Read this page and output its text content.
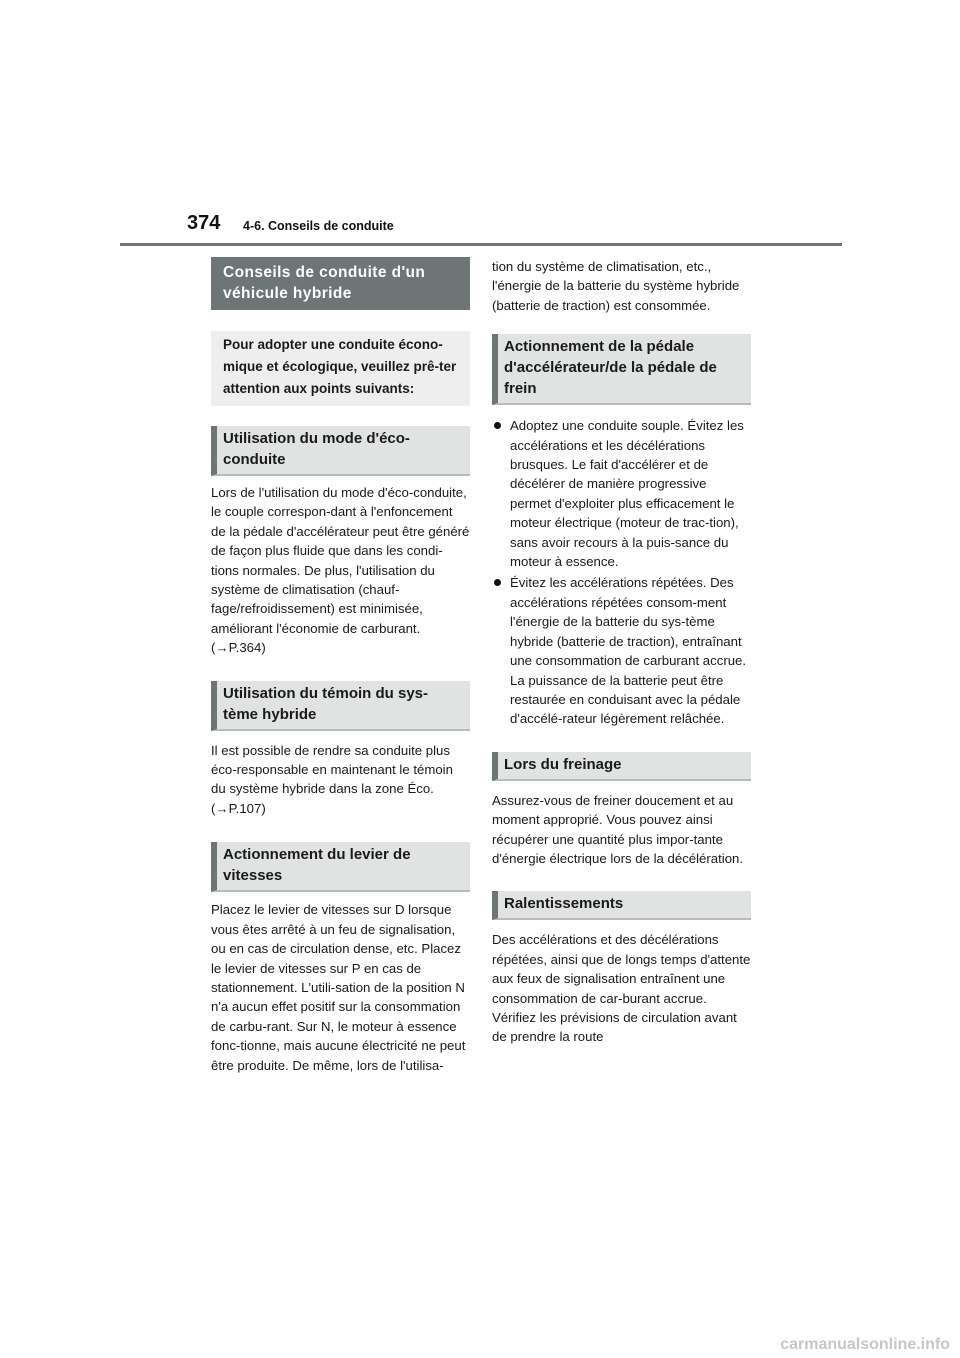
374 4-6. Conseils de conduite
Conseils de conduite d'un véhicule hybride
Pour adopter une conduite écono-mique et écologique, veuillez prê-ter attention aux points suivants:
Utilisation du mode d'éco-conduite

Lors de l'utilisation du mode d'éco-conduite, le couple correspon-dant à l'enfoncement de la pédale d'accélérateur peut être généré de façon plus fluide que dans les condi-tions normales. De plus, l'utilisation du système de climatisation (chauf-fage/refroidissement) est minimisée, améliorant l'économie de carburant. (→P.364)

Utilisation du témoin du sys-tème hybride

Il est possible de rendre sa conduite plus éco-responsable en maintenant le témoin du système hybride dans la zone Éco. (→P.107)

Actionnement du levier de vitesses

Placez le levier de vitesses sur D lorsque vous êtes arrêté à un feu de signalisation, ou en cas de circulation dense, etc. Placez le levier de vitesses sur P en cas de stationnement. L'utili-sation de la position N n'a aucun effet positif sur la consommation de carbu-rant. Sur N, le moteur à essence fonc-tionne, mais aucune électricité ne peut être produite. De même, lors de l'utilisa-

tion du système de climatisation, etc., l'énergie de la batterie du système hybride (batterie de traction) est consommée.

Actionnement de la pédale d'accélérateur/de la pédale de frein
Adoptez une conduite souple. Évitez les accélérations et les décélérations brusques. Le fait d'accélérer et de décélérer de manière progressive permet d'exploiter plus efficacement le moteur électrique (moteur de trac-tion), sans avoir recours à la puis-sance du moteur à essence.
Évitez les accélérations répétées. Des accélérations répétées consom-ment l'énergie de la batterie du sys-tème hybride (batterie de traction), entraînant une consommation de carburant accrue. La puissance de la batterie peut être restaurée en conduisant avec la pédale d'accélé-rateur légèrement relâchée.
Lors du freinage

Assurez-vous de freiner doucement et au moment approprié. Vous pouvez ainsi récupérer une quantité plus impor-tante d'énergie électrique lors de la décélération.

Ralentissements

Des accélérations et des décélérations répétées, ainsi que de longs temps d'attente aux feux de signalisation entraînent une consommation de car-burant accrue. Vérifiez les prévisions de circulation avant de prendre la route

carmanualsonline.info
